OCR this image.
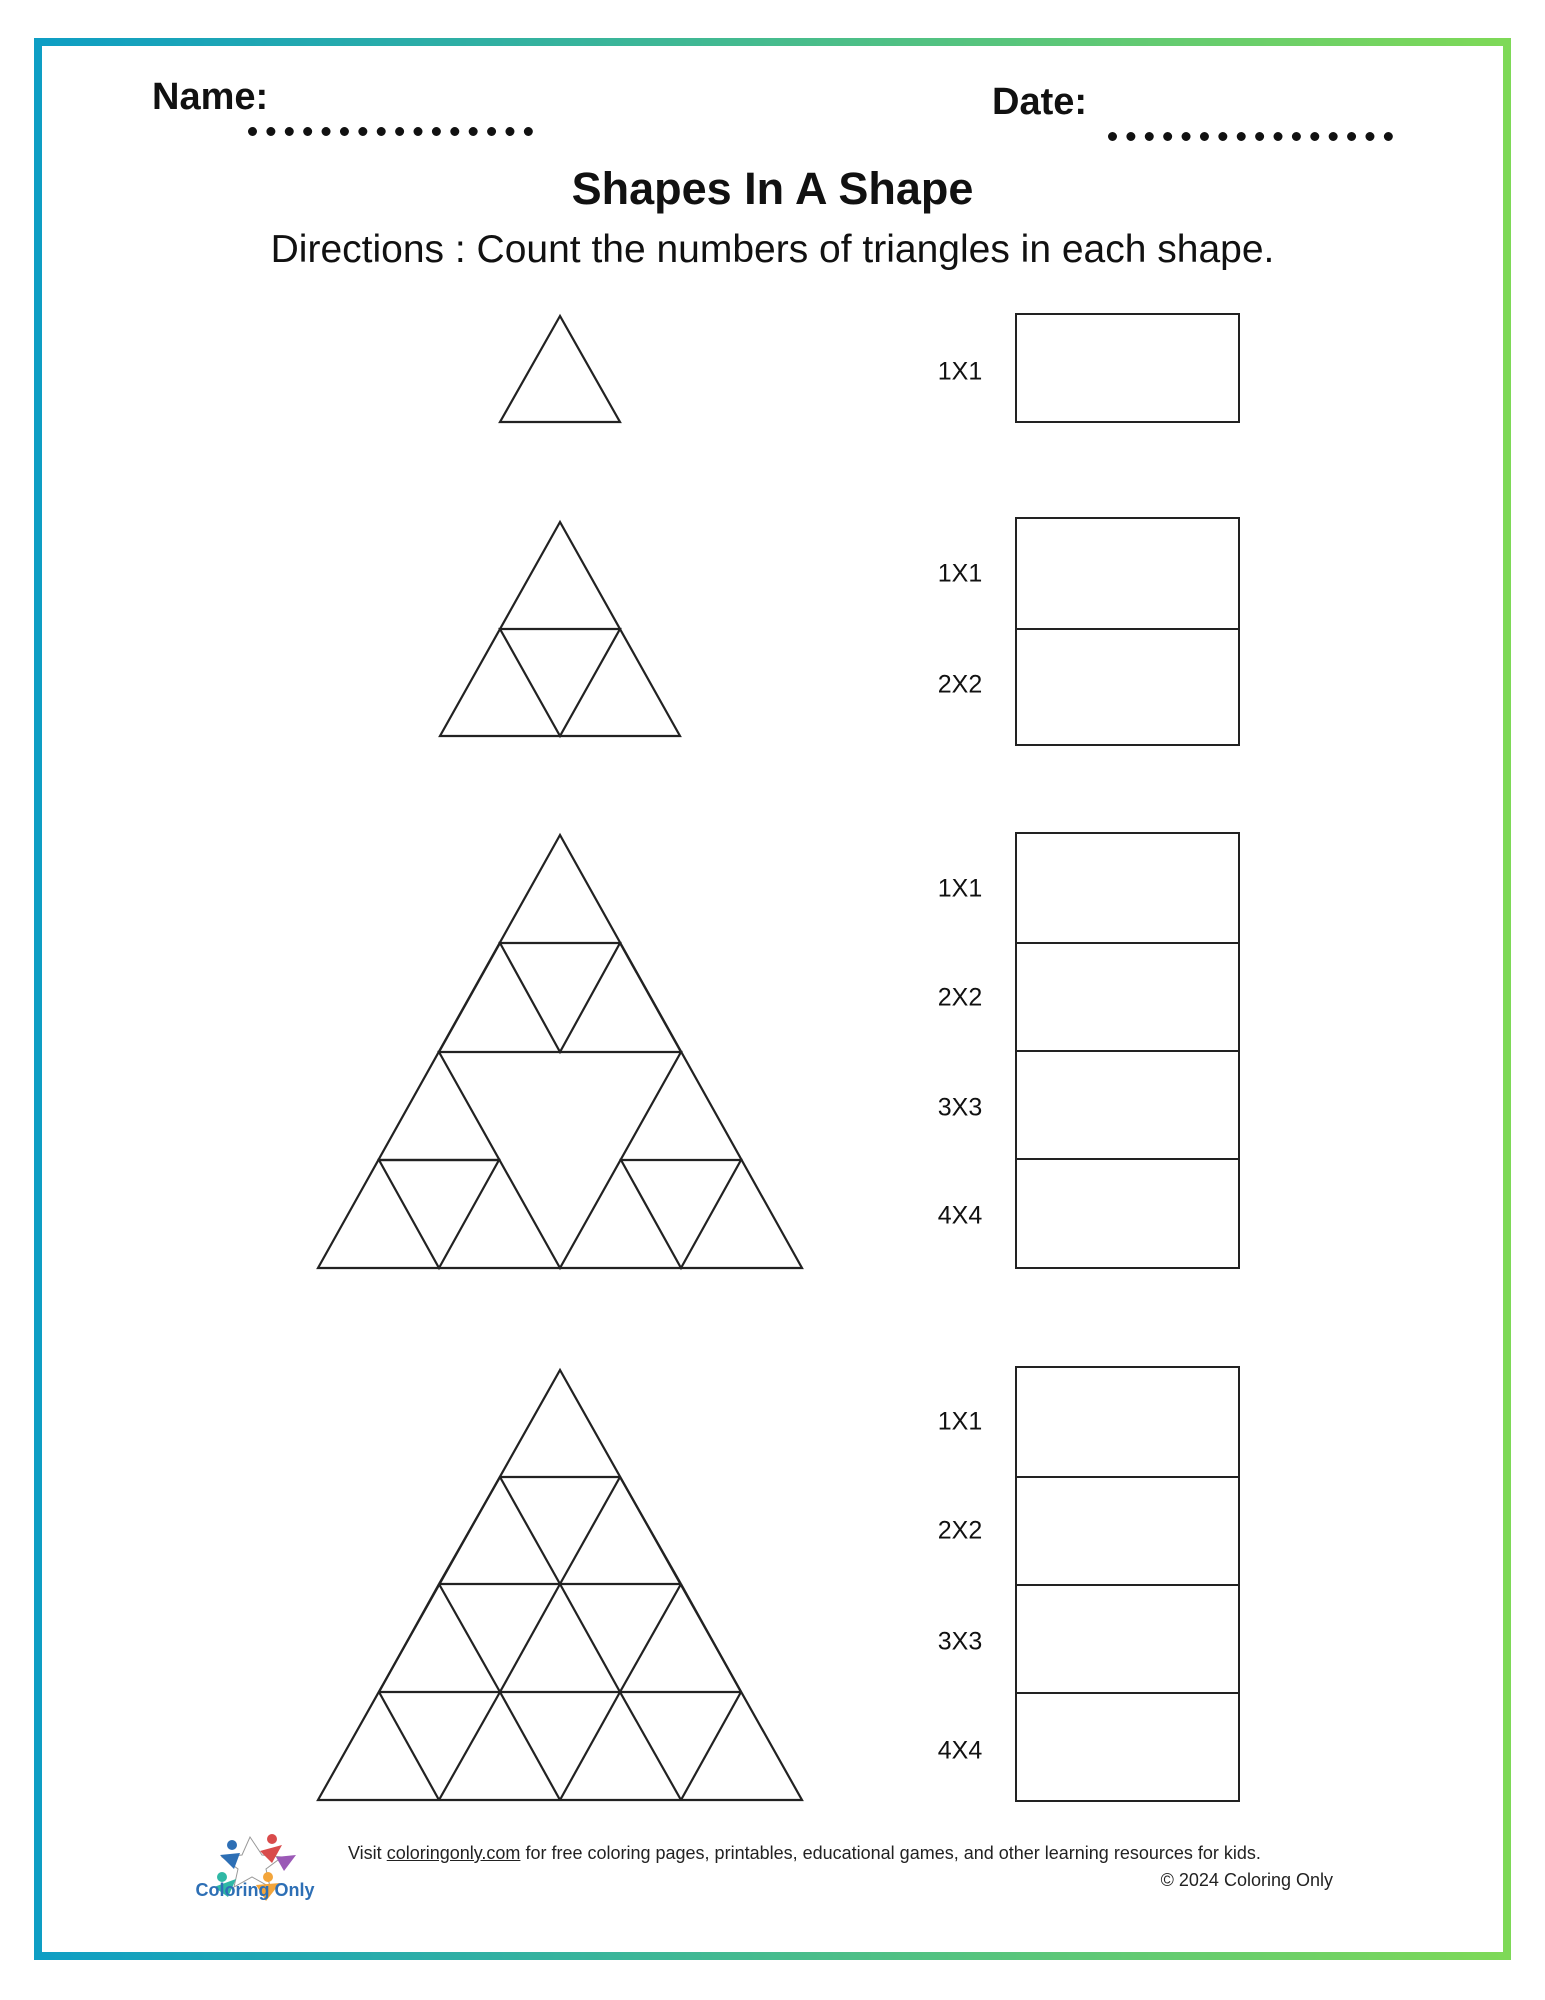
Name:	Date:
Shapes In A Shape
Directions : Count the numbers of triangles in each shape.
1X1
1X1
2X2
1X1
2X2
3X3
4X4
1X1
2X2
3X3
4X4
Coloring Only
Visit coloringonly.com for free coloring pages, printables, educational games, and other learning resources for kids.
© 2024 Coloring Only
